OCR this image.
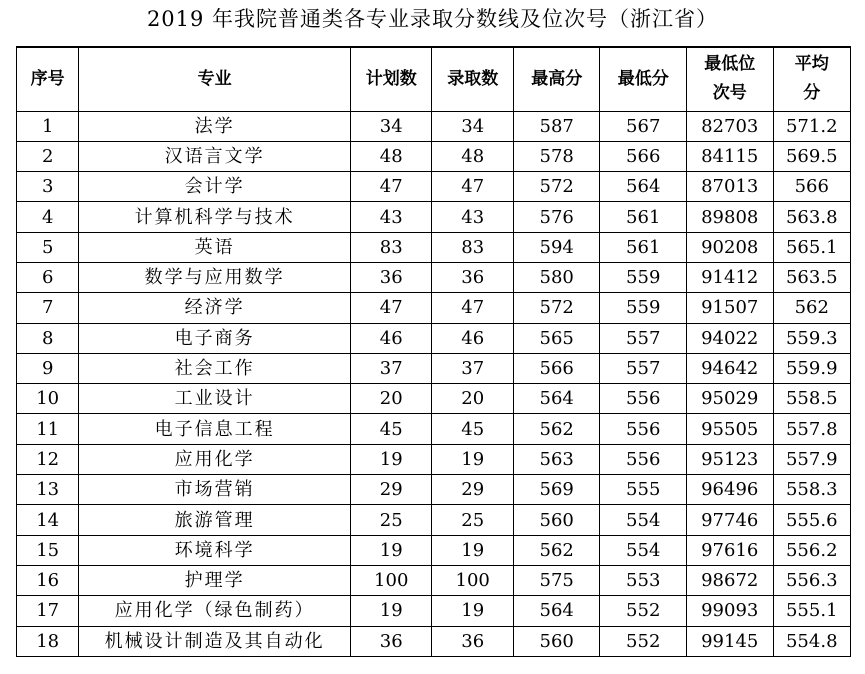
2019 年我院普通类各专业录取分数线及位次号（浙江省）
序号	专业	计划数	录取数	最高分	最低分	最低位次号	平均分
1	法学	34	34	587	567	82703	571.2
2	汉语言文学	48	48	578	566	84115	569.5
3	会计学	47	47	572	564	87013	566
4	计算机科学与技术	43	43	576	561	89808	563.8
5	英语	83	83	594	561	90208	565.1
6	数学与应用数学	36	36	580	559	91412	563.5
7	经济学	47	47	572	559	91507	562
8	电子商务	46	46	565	557	94022	559.3
9	社会工作	37	37	566	557	94642	559.9
10	工业设计	20	20	564	556	95029	558.5
11	电子信息工程	45	45	562	556	95505	557.8
12	应用化学	19	19	563	556	95123	557.9
13	市场营销	29	29	569	555	96496	558.3
14	旅游管理	25	25	560	554	97746	555.6
15	环境科学	19	19	562	554	97616	556.2
16	护理学	100	100	575	553	98672	556.3
17	应用化学（绿色制药）	19	19	564	552	99093	555.1
18	机械设计制造及其自动化	36	36	560	552	99145	554.8
